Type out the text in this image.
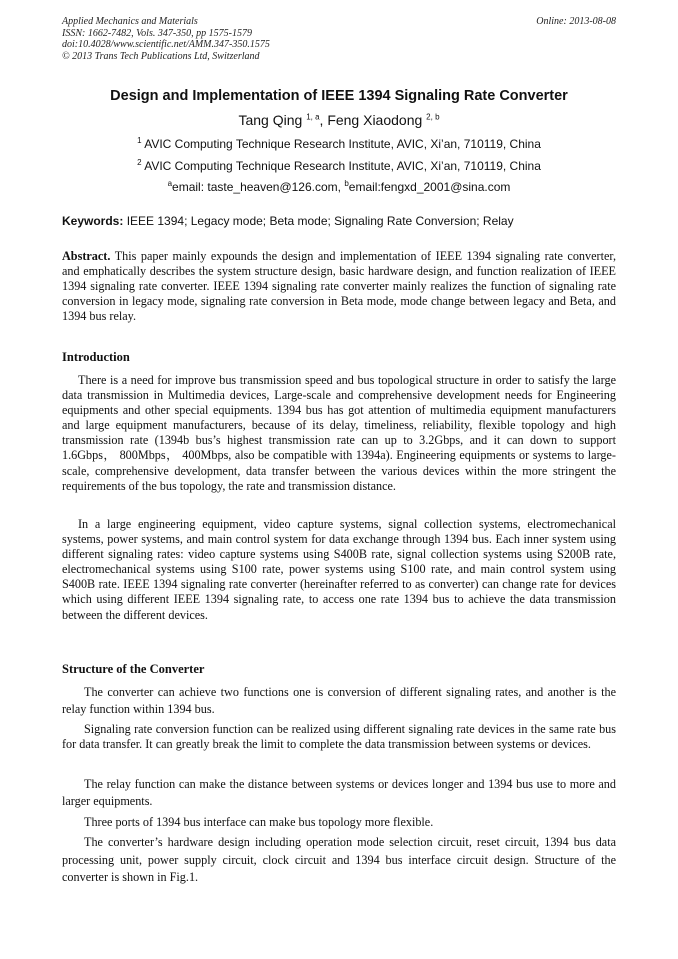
Applied Mechanics and Materials
ISSN: 1662-7482, Vols. 347-350, pp 1575-1579
doi:10.4028/www.scientific.net/AMM.347-350.1575
© 2013 Trans Tech Publications Ltd, Switzerland
Online: 2013-08-08
Design and Implementation of IEEE 1394 Signaling Rate Converter
Tang Qing $^{1, a}$, Feng Xiaodong $^{2, b}$
$^1$ AVIC Computing Technique Research Institute, AVIC, Xi’an, 710119, China
$^2$ AVIC Computing Technique Research Institute, AVIC, Xi’an, 710119, China
$^a$email: taste_heaven@126.com, $^b$email:fengxd_2001@sina.com
Keywords: IEEE 1394; Legacy mode; Beta mode; Signaling Rate Conversion; Relay
Abstract. This paper mainly expounds the design and implementation of IEEE 1394 signaling rate converter, and emphatically describes the system structure design, basic hardware design, and function realization of IEEE 1394 signaling rate converter. IEEE 1394 signaling rate converter mainly realizes the function of signaling rate conversion in legacy mode, signaling rate conversion in Beta mode, mode change between legacy and Beta, and 1394 bus relay.
Introduction
There is a need for improve bus transmission speed and bus topological structure in order to satisfy the large data transmission in Multimedia devices, Large-scale and comprehensive development needs for Engineering equipments and other special equipments. 1394 bus has got attention of multimedia equipment manufacturers and large equipment manufacturers, because of its delay, timeliness, reliability, flexible topology and high transmission rate (1394b bus’s highest transmission rate can up to 3.2Gbps, and it can down to support 1.6Gbps， 800Mbps， 400Mbps, also be compatible with 1394a). Engineering equipments or systems to large-scale, comprehensive development, data transfer between the various devices within the more stringent the requirements of the bus topology, the rate and transmission distance.
In a large engineering equipment, video capture systems, signal collection systems, electromechanical systems, power systems, and main control system for data exchange through 1394 bus. Each inner system using different signaling rates: video capture systems using S400B rate, signal collection systems using S200B rate, electromechanical systems using S100 rate, power systems using S100 rate, and main control system using S400B rate. IEEE 1394 signaling rate converter (hereinafter referred to as converter) can change rate for devices which using different IEEE 1394 signaling rate, to access one rate 1394 bus to achieve the data transmission between the different devices.
Structure of the Converter
The converter can achieve two functions one is conversion of different signaling rates, and another is the relay function within 1394 bus.
Signaling rate conversion function can be realized using different signaling rate devices in the same rate bus for data transfer. It can greatly break the limit to complete the data transmission between systems or devices.
The relay function can make the distance between systems or devices longer and 1394 bus use to more and larger equipments.
Three ports of 1394 bus interface can make bus topology more flexible.
The converter’s hardware design including operation mode selection circuit, reset circuit, 1394 bus data processing unit, power supply circuit, clock circuit and 1394 bus interface circuit design. Structure of the converter is shown in Fig.1.
